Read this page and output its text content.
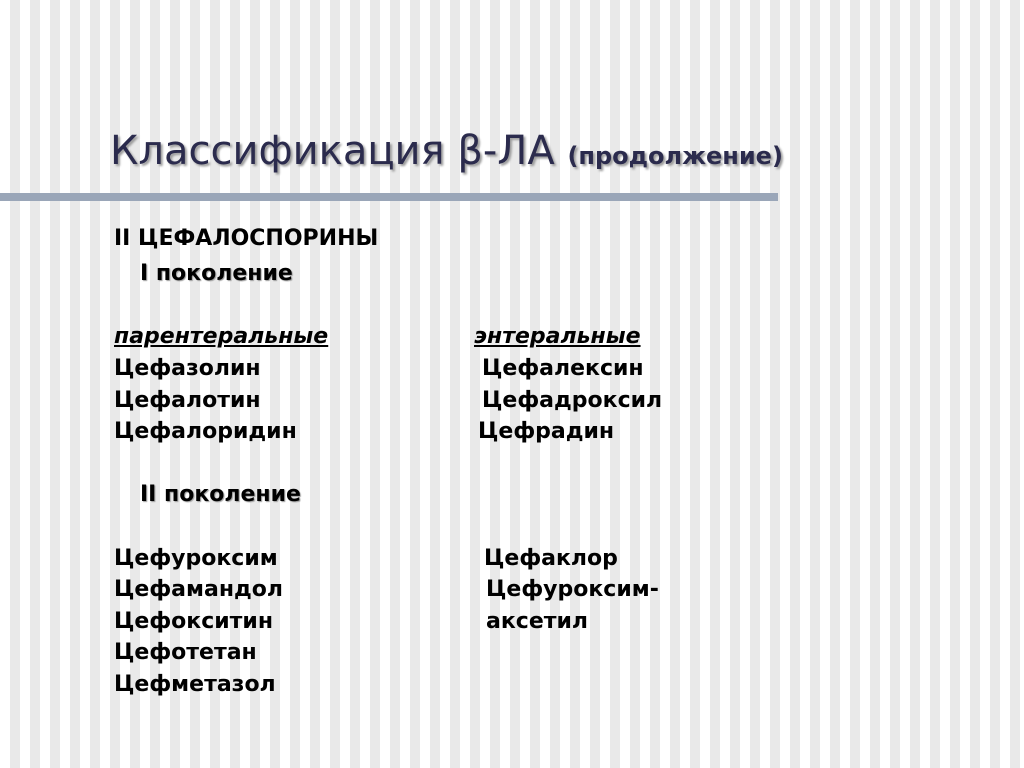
Классификация β-ЛА (продолжение)

II ЦЕФАЛОСПОРИНЫ

I поколение

парентеральные	энтеральные

Цефазолин

Цефалотин

Цефалоридин

Цефалексин

Цефадроксил

Цефрадин

II поколение

Цефуроксим

Цефамандол

Цефокситин

Цефотетан

Цефметазол

Цефаклор

Цефуроксим-

аксетил
